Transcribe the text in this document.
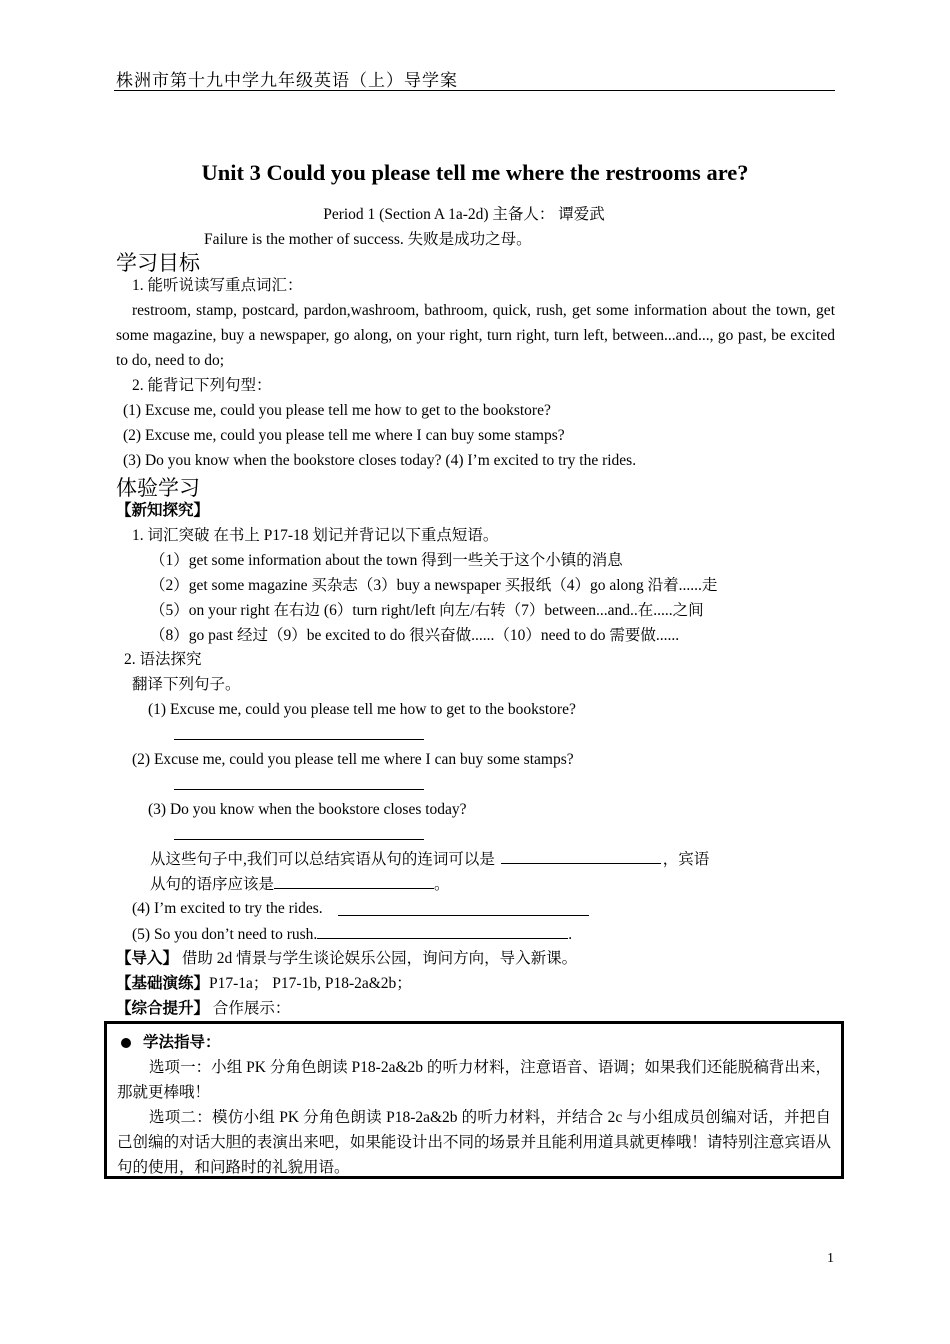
株洲市第十九中学九年级英语（上）导学案
Unit 3 Could you please tell me where the restrooms are?
Period 1 (Section A 1a-2d) 主备人： 谭爱武
Failure is the mother of success. 失败是成功之母。
学习目标
1. 能听说读写重点词汇：
restroom, stamp, postcard, pardon,washroom, bathroom, quick, rush, get some information about the town, get some magazine, buy a newspaper, go along, on your right, turn right, turn left, between...and..., go past, be excited to do, need to do;
2. 能背记下列句型：
(1) Excuse me, could you please tell me how to get to the bookstore?
(2) Excuse me, could you please tell me where I can buy some stamps?
(3) Do you know when the bookstore closes today? (4) I’m excited to try the rides.
体验学习
【新知探究】
1. 词汇突破 在书上 P17-18 划记并背记以下重点短语。
（1）get some information about the town 得到一些关于这个小镇的消息
（2）get some magazine 买杂志（3）buy a newspaper 买报纸（4）go along 沿着......走
（5）on your right 在右边 (6）turn right/left 向左/右转（7）between...and..在.....之间
（8）go past 经过（9）be excited to do 很兴奋做......（10）need to do 需要做......
2. 语法探究
翻译下列句子。
(1) Excuse me, could you please tell me how to get to the bookstore?
(2) Excuse me, could you please tell me where I can buy some stamps?
(3) Do you know when the bookstore closes today?
从这些句子中,我们可以总结宾语从句的连词可以是	，宾语
从句的语序应该是	。
(4) I’m excited to try the rides.
(5) So you don’t need to rush.	.
【导入】 借助 2d 情景与学生谈论娱乐公园，询问方向，导入新课。
【基础演练】P17-1a； P17-1b, P18-2a&2b；
【综合提升】 合作展示：

学法指导：

选项一：小组 PK 分角色朗读 P18-2a&2b 的听力材料，注意语音、语调；如果我们还能脱稿背出来，那就更棒哦！

选项二：模仿小组 PK 分角色朗读 P18-2a&2b 的听力材料，并结合 2c 与小组成员创编对话，并把自己创编的对话大胆的表演出来吧，如果能设计出不同的场景并且能利用道具就更棒哦！请特别注意宾语从句的使用，和问路时的礼貌用语。

1
